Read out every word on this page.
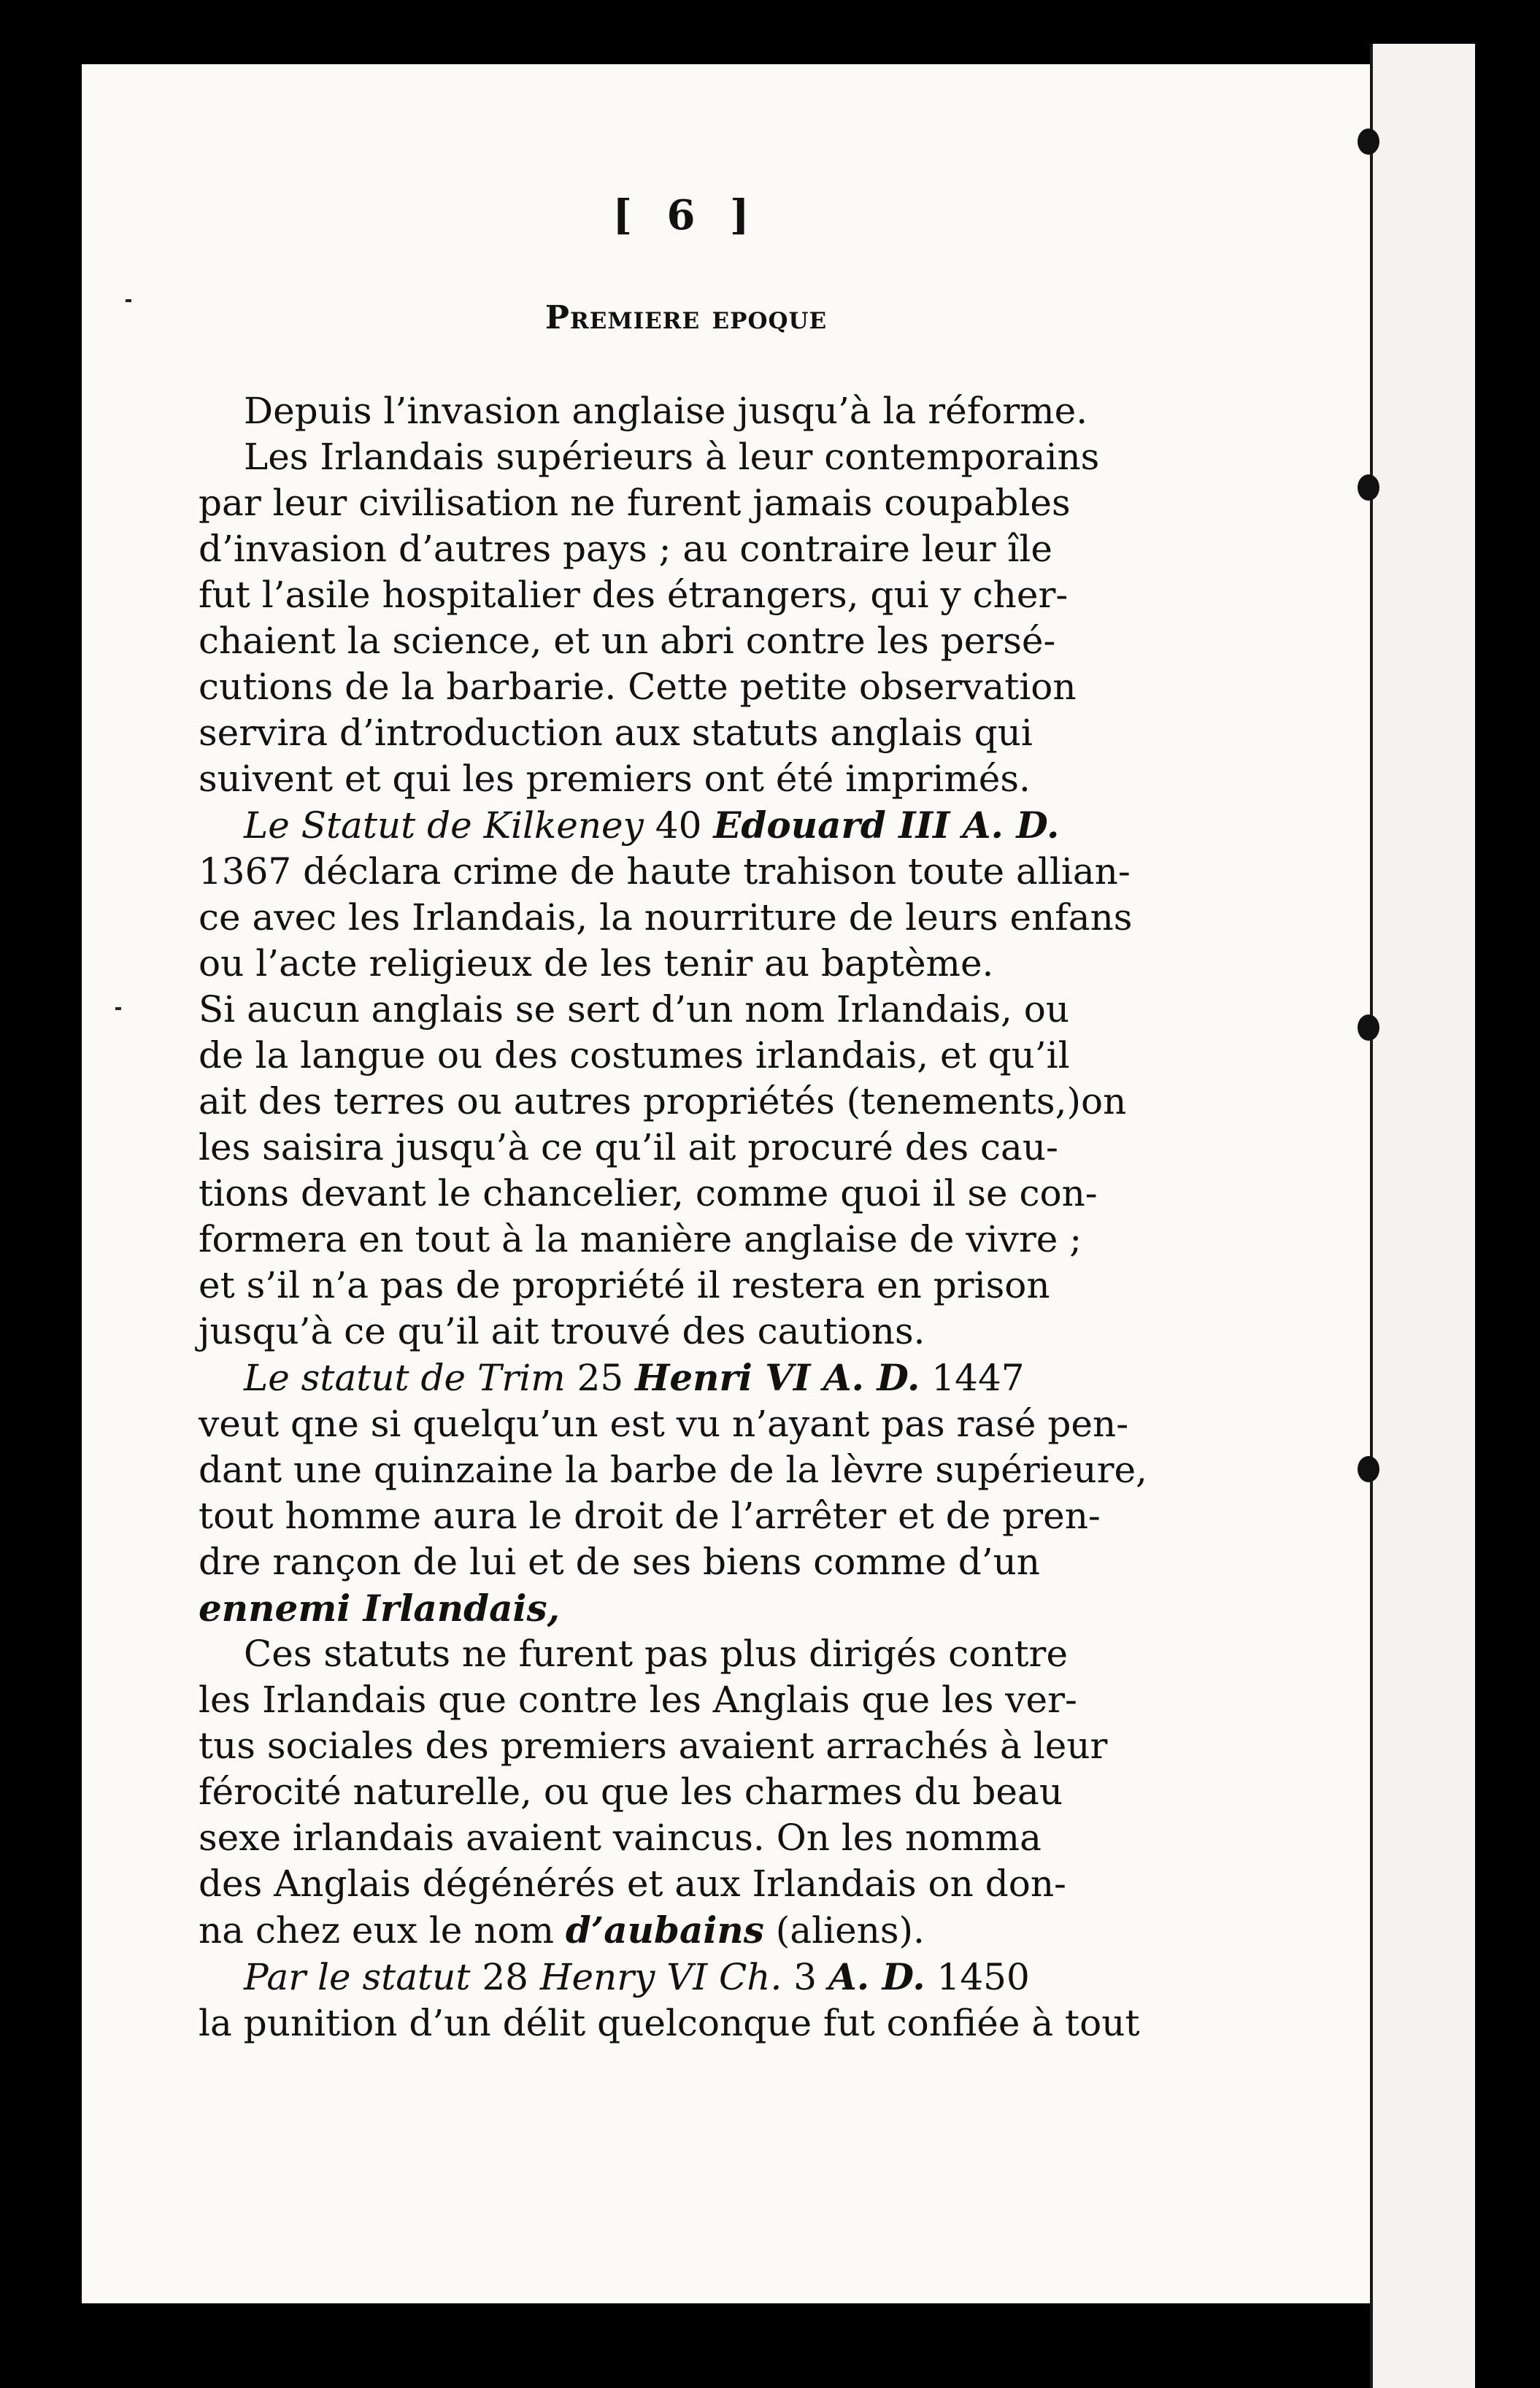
[ 6 ]
Premiere epoque
Depuis l’invasion anglaise jusqu’à la réforme.
Les Irlandais supérieurs à leur contemporains
par leur civilisation ne furent jamais coupables
d’invasion d’autres pays ; au contraire leur île
fut l’asile hospitalier des étrangers, qui y cher-
chaient la science, et un abri contre les persé-
cutions de la barbarie. Cette petite observation
servira d’introduction aux statuts anglais qui
suivent et qui les premiers ont été imprimés.
Le Statut de Kilkeney 40 Edouard III A. D.
1367 déclara crime de haute trahison toute allian-
ce avec les Irlandais, la nourriture de leurs enfans
ou l’acte religieux de les tenir au baptème.
Si aucun anglais se sert d’un nom Irlandais, ou
de la langue ou des costumes irlandais, et qu’il
ait des terres ou autres propriétés (tenements,)on
les saisira jusqu’à ce qu’il ait procuré des cau-
tions devant le chancelier, comme quoi il se con-
formera en tout à la manière anglaise de vivre ;
et s’il n’a pas de propriété il restera en prison
jusqu’à ce qu’il ait trouvé des cautions.
Le statut de Trim 25 Henri VI A. D. 1447
veut qne si quelqu’un est vu n’ayant pas rasé pen-
dant une quinzaine la barbe de la lèvre supérieure,
tout homme aura le droit de l’arrêter et de pren-
dre rançon de lui et de ses biens comme d’un
ennemi Irlandais,
Ces statuts ne furent pas plus dirigés contre
les Irlandais que contre les Anglais que les ver-
tus sociales des premiers avaient arrachés à leur
férocité naturelle, ou que les charmes du beau
sexe irlandais avaient vaincus. On les nomma
des Anglais dégénérés et aux Irlandais on don-
na chez eux le nom d’aubains (aliens).
Par le statut 28 Henry VI Ch. 3 A. D. 1450
la punition d’un délit quelconque fut confiée à tout
